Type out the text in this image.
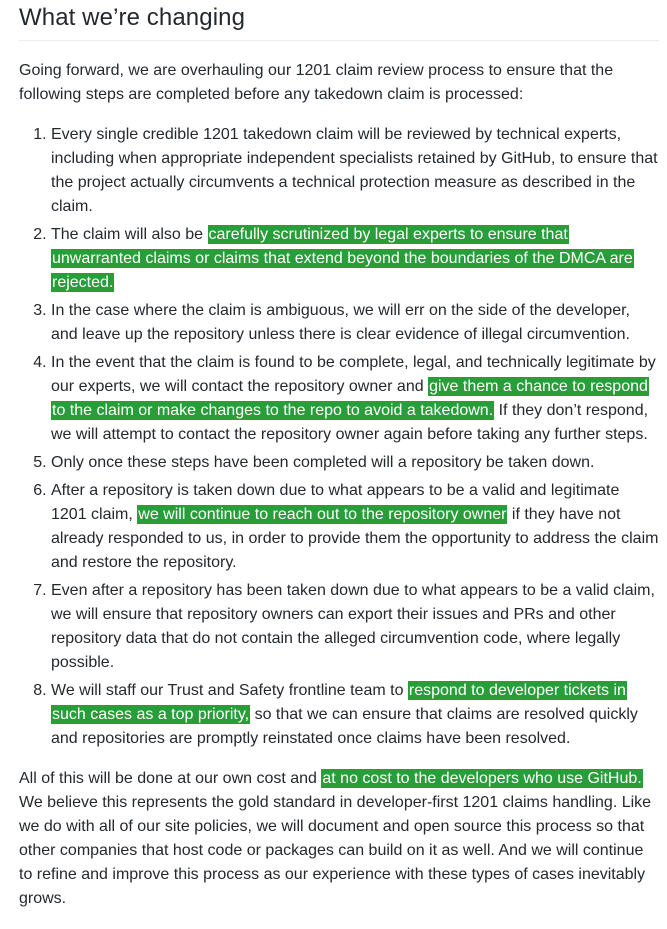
What we’re changing

Going forward, we are overhauling our 1201 claim review process to ensure that the following steps are completed before any takedown claim is processed:

1. Every single credible 1201 takedown claim will be reviewed by technical experts, including when appropriate independent specialists retained by GitHub, to ensure that the project actually circumvents a technical protection measure as described in the claim.
2. The claim will also be carefully scrutinized by legal experts to ensure that unwarranted claims or claims that extend beyond the boundaries of the DMCA are rejected.
3. In the case where the claim is ambiguous, we will err on the side of the developer, and leave up the repository unless there is clear evidence of illegal circumvention.
4. In the event that the claim is found to be complete, legal, and technically legitimate by our experts, we will contact the repository owner and give them a chance to respond to the claim or make changes to the repo to avoid a takedown. If they don’t respond, we will attempt to contact the repository owner again before taking any further steps.
5. Only once these steps have been completed will a repository be taken down.
6. After a repository is taken down due to what appears to be a valid and legitimate 1201 claim, we will continue to reach out to the repository owner if they have not already responded to us, in order to provide them the opportunity to address the claim and restore the repository.
7. Even after a repository has been taken down due to what appears to be a valid claim, we will ensure that repository owners can export their issues and PRs and other repository data that do not contain the alleged circumvention code, where legally possible.
8. We will staff our Trust and Safety frontline team to respond to developer tickets in such cases as a top priority, so that we can ensure that claims are resolved quickly and repositories are promptly reinstated once claims have been resolved.

All of this will be done at our own cost and at no cost to the developers who use GitHub. We believe this represents the gold standard in developer-first 1201 claims handling. Like we do with all of our site policies, we will document and open source this process so that other companies that host code or packages can build on it as well. And we will continue to refine and improve this process as our experience with these types of cases inevitably grows.
